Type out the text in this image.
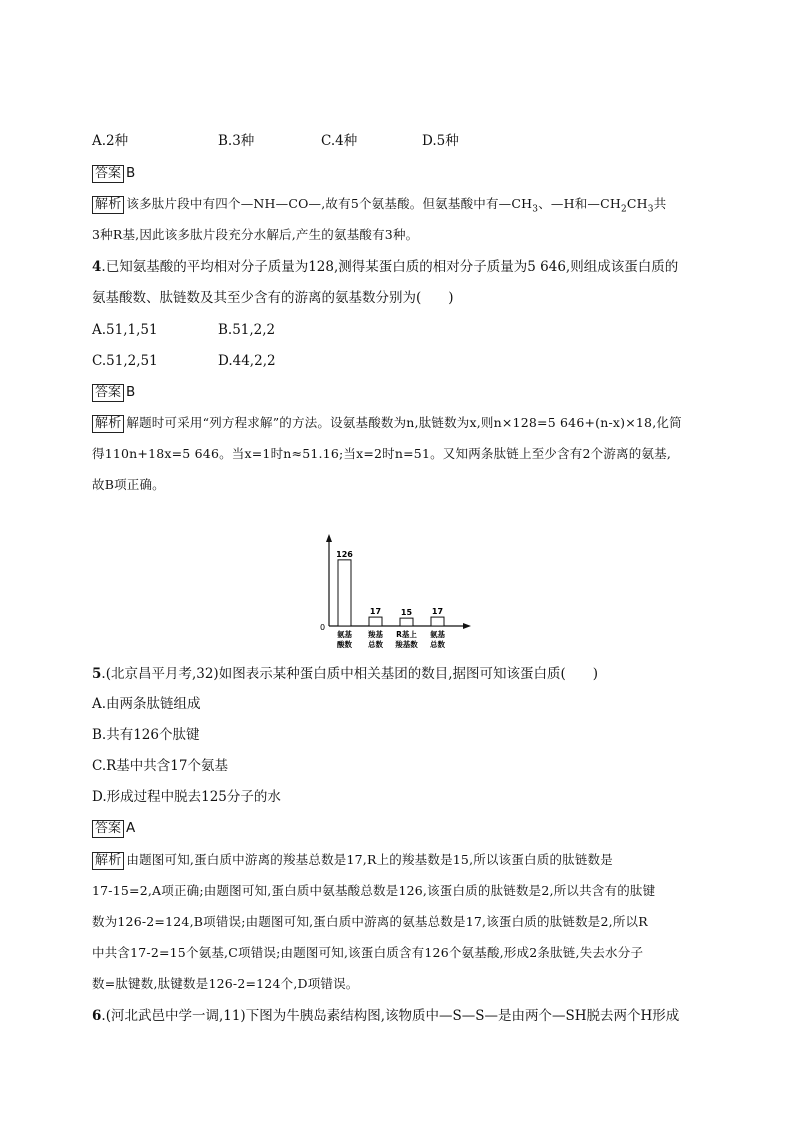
A.2种	B.3种	C.4种	D.5种
答案 B
解析 该多肽片段中有四个—NH—CO—,故有5个氨基酸。但氨基酸中有$—CH_3$、—H和$—CH_2CH_3$共
3种R基,因此该多肽片段充分水解后,产生的氨基酸有3种。
4.已知氨基酸的平均相对分子质量为128,测得某蛋白质的相对分子质量为5 646,则组成该蛋白质的
氨基酸数、肽链数及其至少含有的游离的氨基数分别为(　　)
A.51,1,51	B.51,2,2
C.51,2,51	D.44,2,2
答案 B
解析 解题时可采用“列方程求解”的方法。设氨基酸数为n,肽链数为x,则n×128=5 646+(n-x)×18,化简
得110n+18x=5 646。当x=1时n≈51.16;当x=2时n=51。又知两条肽链上至少含有2个游离的氨基,
故B项正确。
0
126
氨基
酸数
17
羧基
总数
15
R基上
羧基数
17
氨基
总数
5.(北京昌平月考,32)如图表示某种蛋白质中相关基团的数目,据图可知该蛋白质(　　)
A.由两条肽链组成
B.共有126个肽键
C.R基中共含17个氨基
D.形成过程中脱去125分子的水
答案 A
解析 由题图可知,蛋白质中游离的羧基总数是17,R上的羧基数是15,所以该蛋白质的肽链数是
17-15=2,A项正确;由题图可知,蛋白质中氨基酸总数是126,该蛋白质的肽链数是2,所以共含有的肽键
数为126-2=124,B项错误;由题图可知,蛋白质中游离的氨基总数是17,该蛋白质的肽链数是2,所以R
中共含17-2=15个氨基,C项错误;由题图可知,该蛋白质含有126个氨基酸,形成2条肽链,失去水分子
数=肽键数,肽键数是126-2=124个,D项错误。
6.(河北武邑中学一调,11)下图为牛胰岛素结构图,该物质中—S—S—是由两个—SH脱去两个H形成
